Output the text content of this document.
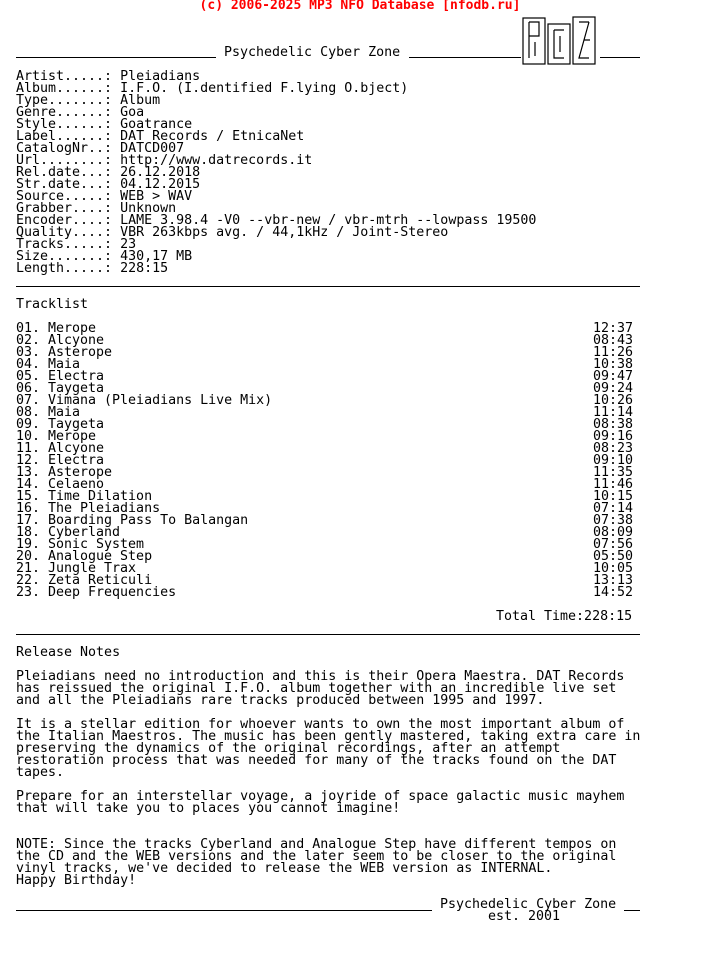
(c) 2006-2025 MP3 NFO Database [nfodb.ru]
Psychedelic Cyber Zone
Artist.....: Pleiadians
Album......: I.F.O. (I.dentified F.lying O.bject)
Type.......: Album
Genre......: Goa
Style......: Goatrance
Label......: DAT Records / EtnicaNet
CatalogNr..: DATCD007
Url........: http://www.datrecords.it
Rel.date...: 26.12.2018
Str.date...: 04.12.2015
Source.....: WEB > WAV
Grabber....: Unknown
Encoder....: LAME 3.98.4 -V0 --vbr-new / vbr-mtrh --lowpass 19500
Quality....: VBR 263kbps avg. / 44,1kHz / Joint-Stereo
Tracks.....: 23
Size.......: 430,17 MB
Length.....: 228:15
Tracklist
01. Merope	12:37
02. Alcyone	08:43
03. Asterope	11:26
04. Maia	10:38
05. Electra	09:47
06. Taygeta	09:24
07. Vimana (Pleiadians Live Mix)	10:26
08. Maia	11:14
09. Taygeta	08:38
10. Merope	09:16
11. Alcyone	08:23
12. Electra	09:10
13. Asterope	11:35
14. Celaeno	11:46
15. Time Dilation	10:15
16. The Pleiadians	07:14
17. Boarding Pass To Balangan	07:38
18. Cyberland	08:09
19. Sonic System	07:56
20. Analogue Step	05:50
21. Jungle Trax	10:05
22. Zeta Reticuli	13:13
23. Deep Frequencies	14:52
Total Time:228:15
Release Notes
Pleiadians need no introduction and this is their Opera Maestra. DAT Records
has reissued the original I.F.O. album together with an incredible live set
and all the Pleiadians rare tracks produced between 1995 and 1997.
It is a stellar edition for whoever wants to own the most important album of
the Italian Maestros. The music has been gently mastered, taking extra care in
preserving the dynamics of the original recordings, after an attempt
restoration process that was needed for many of the tracks found on the DAT
tapes.
Prepare for an interstellar voyage, a joyride of space galactic music mayhem
that will take you to places you cannot imagine!
NOTE: Since the tracks Cyberland and Analogue Step have different tempos on
the CD and the WEB versions and the later seem to be closer to the original
vinyl tracks, we've decided to release the WEB version as INTERNAL.
Happy Birthday!
Psychedelic Cyber Zone
est. 2001
